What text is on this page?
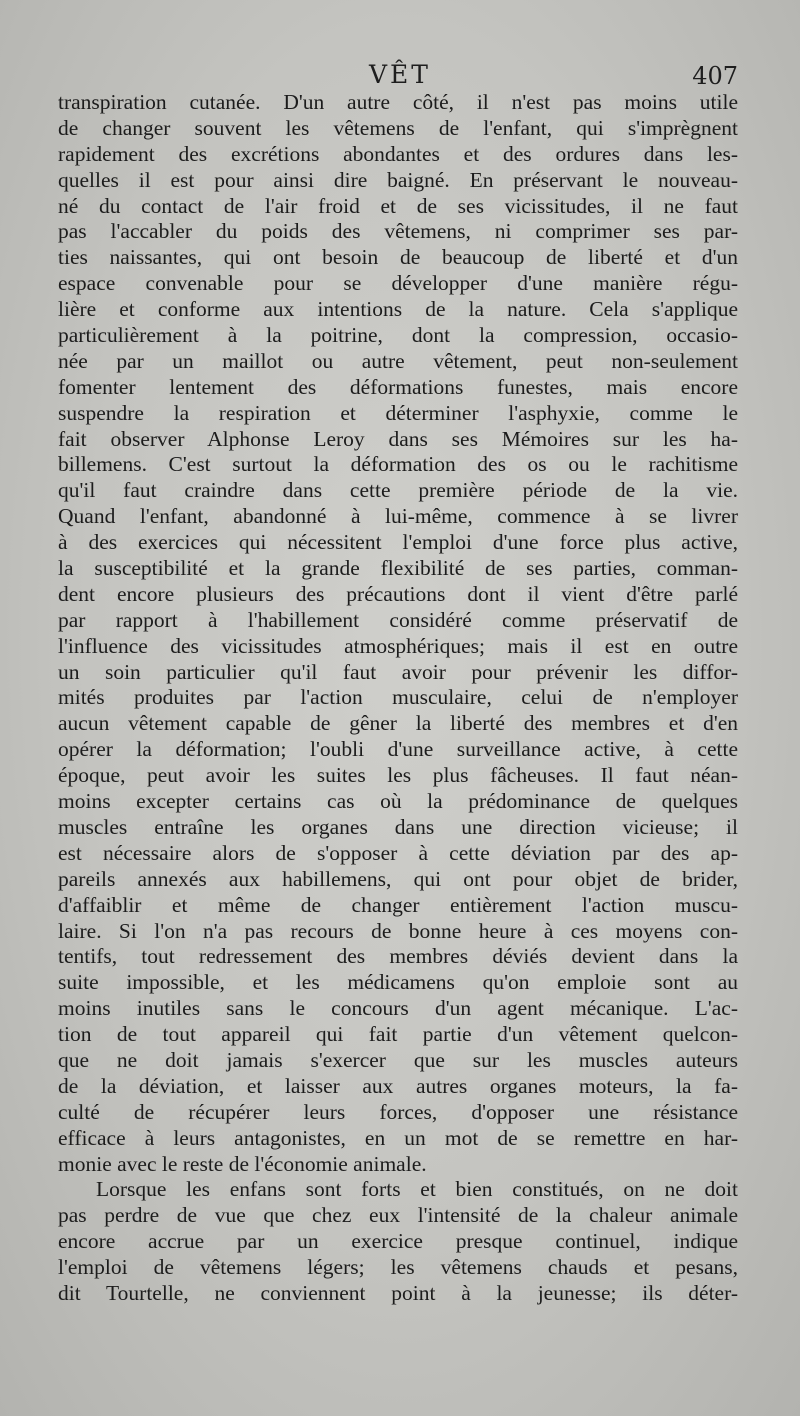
VÊT	407
transpiration cutanée. D'un autre côté, il n'est pas moins utile
de changer souvent les vêtemens de l'enfant, qui s'imprègnent
rapidement des excrétions abondantes et des ordures dans les-
quelles il est pour ainsi dire baigné. En préservant le nouveau-
né du contact de l'air froid et de ses vicissitudes, il ne faut
pas l'accabler du poids des vêtemens, ni comprimer ses par-
ties naissantes, qui ont besoin de beaucoup de liberté et d'un
espace convenable pour se développer d'une manière régu-
lière et conforme aux intentions de la nature. Cela s'applique
particulièrement à la poitrine, dont la compression, occasio-
née par un maillot ou autre vêtement, peut non-seulement
fomenter lentement des déformations funestes, mais encore
suspendre la respiration et déterminer l'asphyxie, comme le
fait observer Alphonse Leroy dans ses Mémoires sur les ha-
billemens. C'est surtout la déformation des os ou le rachitisme
qu'il faut craindre dans cette première période de la vie.
Quand l'enfant, abandonné à lui-même, commence à se livrer
à des exercices qui nécessitent l'emploi d'une force plus active,
la susceptibilité et la grande flexibilité de ses parties, comman-
dent encore plusieurs des précautions dont il vient d'être parlé
par rapport à l'habillement considéré comme préservatif de
l'influence des vicissitudes atmosphériques; mais il est en outre
un soin particulier qu'il faut avoir pour prévenir les diffor-
mités produites par l'action musculaire, celui de n'employer
aucun vêtement capable de gêner la liberté des membres et d'en
opérer la déformation; l'oubli d'une surveillance active, à cette
époque, peut avoir les suites les plus fâcheuses. Il faut néan-
moins excepter certains cas où la prédominance de quelques
muscles entraîne les organes dans une direction vicieuse; il
est nécessaire alors de s'opposer à cette déviation par des ap-
pareils annexés aux habillemens, qui ont pour objet de brider,
d'affaiblir et même de changer entièrement l'action muscu-
laire. Si l'on n'a pas recours de bonne heure à ces moyens con-
tentifs, tout redressement des membres déviés devient dans la
suite impossible, et les médicamens qu'on emploie sont au
moins inutiles sans le concours d'un agent mécanique. L'ac-
tion de tout appareil qui fait partie d'un vêtement quelcon-
que ne doit jamais s'exercer que sur les muscles auteurs
de la déviation, et laisser aux autres organes moteurs, la fa-
culté de récupérer leurs forces, d'opposer une résistance
efficace à leurs antagonistes, en un mot de se remettre en har-
monie avec le reste de l'économie animale.
Lorsque les enfans sont forts et bien constitués, on ne doit
pas perdre de vue que chez eux l'intensité de la chaleur animale
encore accrue par un exercice presque continuel, indique
l'emploi de vêtemens légers; les vêtemens chauds et pesans,
dit Tourtelle, ne conviennent point à la jeunesse; ils déter-
